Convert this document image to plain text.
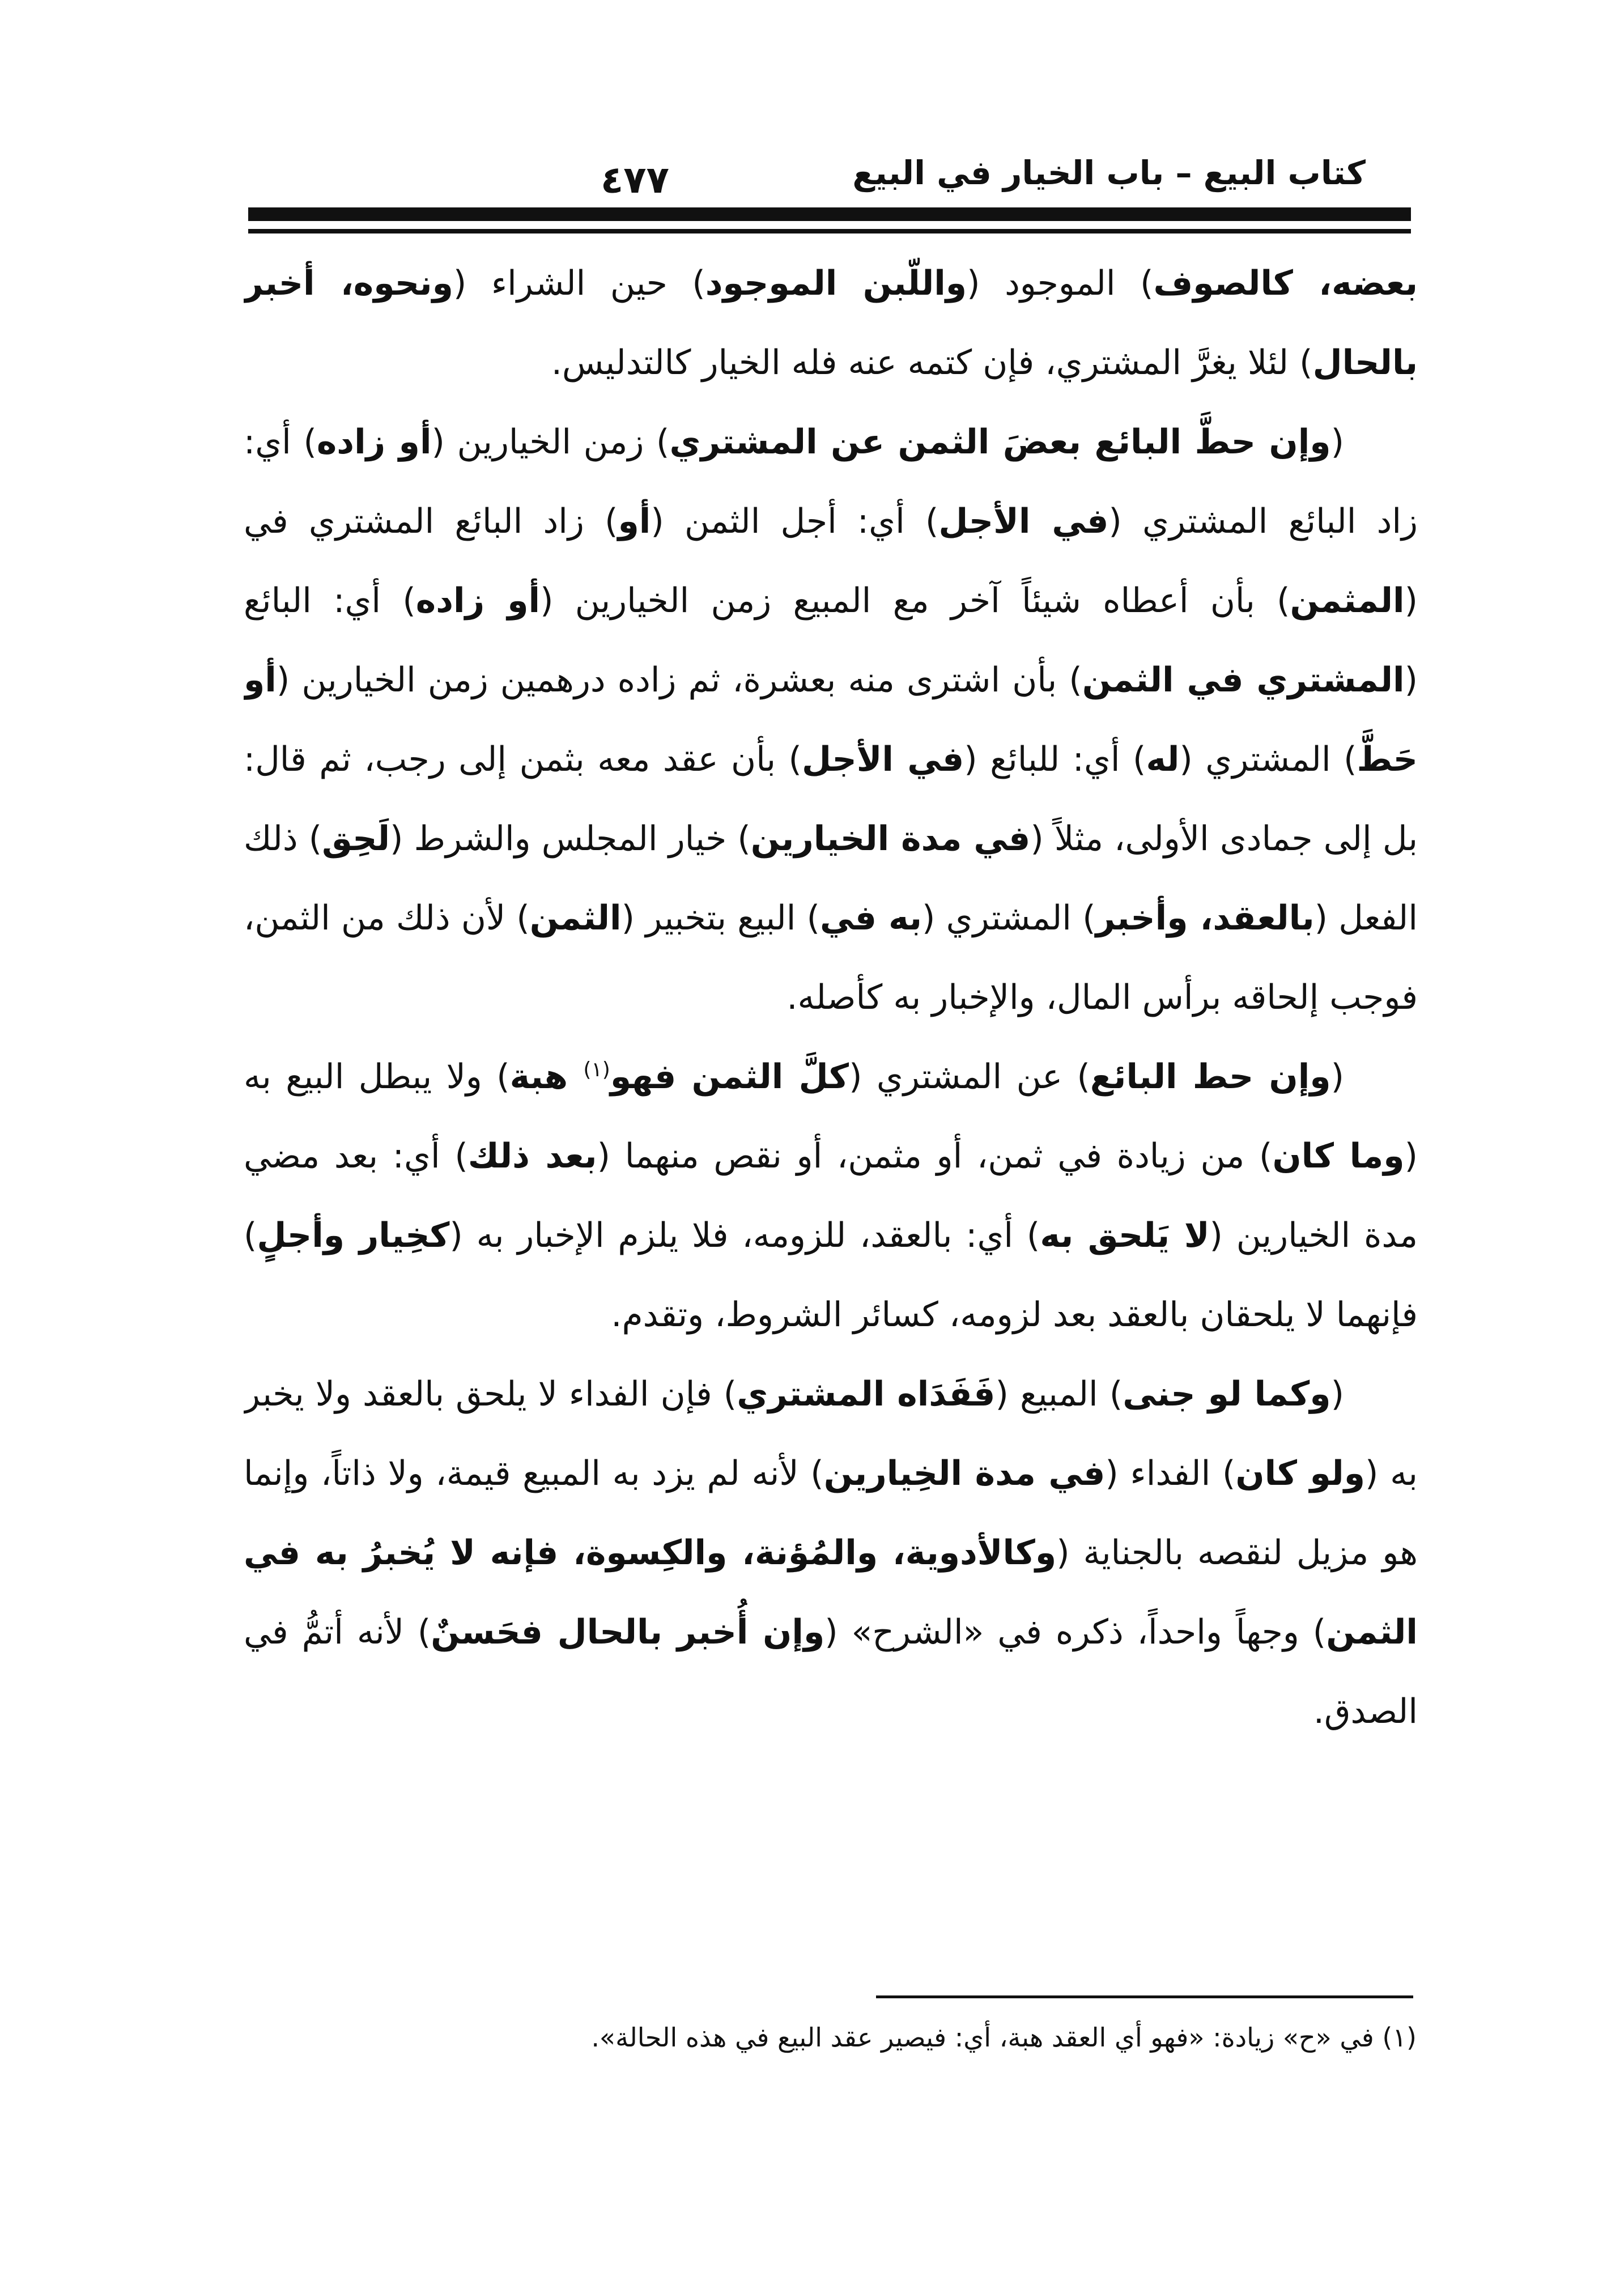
كتاب البيع – باب الخيار في البيع
٤٧٧

بعضه، كالصوف) الموجود (واللّبن الموجود) حين الشراء (ونحوه، أخبر بالحال) لئلا يغرَّ المشتري، فإن كتمه عنه فله الخيار كالتدليس.

(وإن حطَّ البائع بعضَ الثمن عن المشتري) زمن الخيارين (أو زاده) أي: زاد البائع المشتري (في الأجل) أي: أجل الثمن (أو) زاد البائع المشتري في (المثمن) بأن أعطاه شيئاً آخر مع المبيع زمن الخيارين (أو زاده) أي: البائع (المشتري في الثمن) بأن اشترى منه بعشرة، ثم زاده درهمين زمن الخيارين (أو حَطَّ) المشتري (له) أي: للبائع (في الأجل) بأن عقد معه بثمن إلى رجب، ثم قال: بل إلى جمادى الأولى، مثلاً (في مدة الخيارين) خيار المجلس والشرط (لَحِق) ذلك الفعل (بالعقد، وأخبر) المشتري (به في) البيع بتخبير (الثمن) لأن ذلك من الثمن، فوجب إلحاقه برأس المال، والإخبار به كأصله.

(وإن حط البائع) عن المشتري (كلَّ الثمن فهو$^{(١)}$ هبة) ولا يبطل البيع به (وما كان) من زيادة في ثمن، أو مثمن، أو نقص منهما (بعد ذلك) أي: بعد مضي مدة الخيارين (لا يَلحق به) أي: بالعقد، للزومه، فلا يلزم الإخبار به (كخِيار وأجلٍ) فإنهما لا يلحقان بالعقد بعد لزومه، كسائر الشروط، وتقدم.

(وكما لو جنى) المبيع (فَفَدَاه المشتري) فإن الفداء لا يلحق بالعقد ولا يخبر به (ولو كان) الفداء (في مدة الخِيارين) لأنه لم يزد به المبيع قيمة، ولا ذاتاً، وإنما هو مزيل لنقصه بالجناية (وكالأدوية، والمُؤنة، والكِسوة، فإنه لا يُخبرُ به في الثمن) وجهاً واحداً، ذكره في «الشرح» (وإن أُخبر بالحال فحَسنٌ) لأنه أتمُّ في الصدق.

(١) في «ح» زيادة: «فهو أي العقد هبة، أي: فيصير عقد البيع في هذه الحالة».
